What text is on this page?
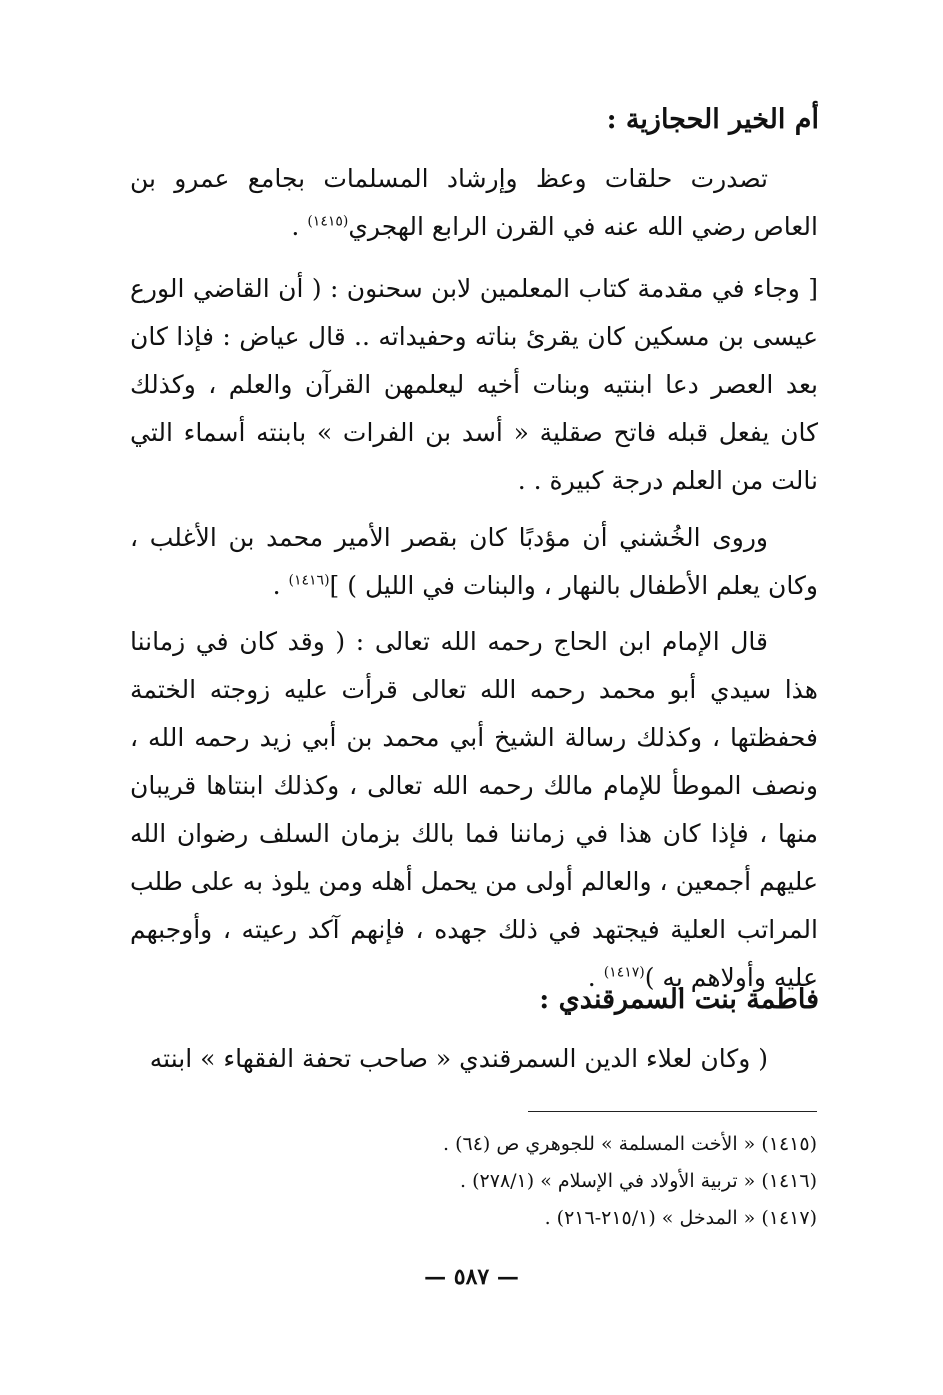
أم الخير الحجازية :
تصدرت حلقات وعظ وإرشاد المسلمات بجامع عمرو بن العاص رضي الله عنه في القرن الرابع الهجري$^{(١٤١٥)}$ .
[ وجاء في مقدمة كتاب المعلمين لابن سحنون : ( أن القاضي الورع عيسى بن مسكين كان يقرئ بناته وحفيداته .. قال عياض : فإذا كان بعد العصر دعا ابنتيه وبنات أخيه ليعلمهن القرآن والعلم ، وكذلك كان يفعل قبله فاتح صقلية « أسد بن الفرات » بابنته أسماء التي نالت من العلم درجة كبيرة . .
وروى الخُشني أن مؤدبًا كان بقصر الأمير محمد بن الأغلب ، وكان يعلم الأطفال بالنهار ، والبنات في الليل ) ]$^{(١٤١٦)}$ .
قال الإمام ابن الحاج رحمه الله تعالى : ( وقد كان في زماننا هذا سيدي أبو محمد رحمه الله تعالى قرأت عليه زوجته الختمة فحفظتها ، وكذلك رسالة الشيخ أبي محمد بن أبي زيد رحمه الله ، ونصف الموطأ للإمام مالك رحمه الله تعالى ، وكذلك ابنتاها قريبان منها ، فإذا كان هذا في زماننا فما بالك بزمان السلف رضوان الله عليهم أجمعين ، والعالم أولى من يحمل أهله ومن يلوذ به على طلب المراتب العلية فيجتهد في ذلك جهده ، فإنهم آكد رعيته ، وأوجبهم عليه وأولاهم به )$^{(١٤١٧)}$ .
فاطمة بنت السمرقندي :
( وكان لعلاء الدين السمرقندي « صاحب تحفة الفقهاء » ابنته
(١٤١٥) « الأخت المسلمة » للجوهري ص (٦٤) .
(١٤١٦) « تربية الأولاد في الإسلام » (٢٧٨/١) .
(١٤١٧) « المدخل » (٢١٥/١-٢١٦) .
— ٥٨٧ —
